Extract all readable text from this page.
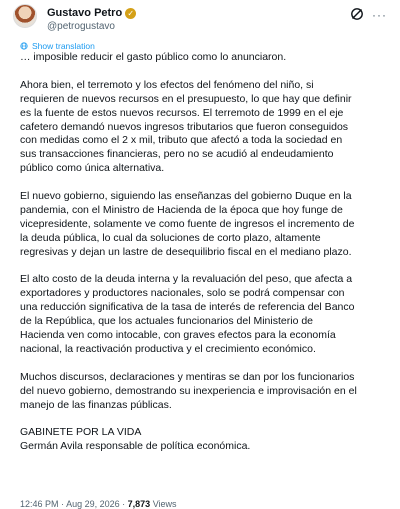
Gustavo Petro ✓
@petrogustavo
···
Show translation

… imposible reducir el gasto público como lo anunciaron.

Ahora bien, el terremoto y los efectos del fenómeno del niño, si
requieren de nuevos recursos en el presupuesto, lo que hay que definir
es la fuente de estos nuevos recursos. El terremoto de 1999 en el eje
cafetero demandó nuevos ingresos tributarios que fueron conseguidos
con medidas como el 2 x mil, tributo que afectó a toda la sociedad en
sus transacciones financieras, pero no se acudió al endeudamiento
público como única alternativa.

El nuevo gobierno, siguiendo las enseñanzas del gobierno Duque en la
pandemia, con el Ministro de Hacienda de la época que hoy funge de
vicepresidente, solamente ve como fuente de ingresos el incremento de
la deuda pública, lo cual da soluciones de corto plazo, altamente
regresivas y dejan un lastre de desequilibrio fiscal en el mediano plazo.

El alto costo de la deuda interna y la revaluación del peso, que afecta a
exportadores y productores nacionales, solo se podrá compensar con
una reducción significativa de la tasa de interés de referencia del Banco
de la República, que los actuales funcionarios del Ministerio de
Hacienda ven como intocable, con graves efectos para la economía
nacional, la reactivación productiva y el crecimiento económico.

Muchos discursos, declaraciones y mentiras se dan por los funcionarios
del nuevo gobierno, demostrando su inexperiencia e improvisación en el
manejo de las finanzas públicas.

GABINETE POR LA VIDA
Germán Avila responsable de política económica.

12:46 PM · Aug 29, 2026 · 7,873 Views
